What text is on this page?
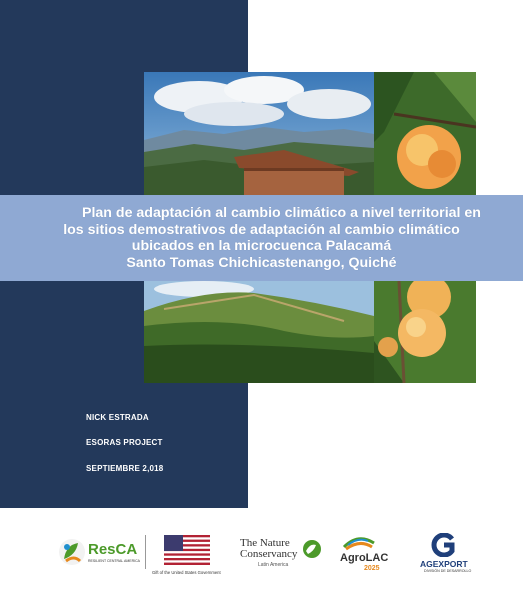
Plan de adaptación al cambio climático a nivel territorial en
los sitios demostrativos de adaptación al cambio climático
ubicados en la microcuenca Palacamá
Santo Tomas Chichicastenango, Quiché
NICK ESTRADA
ESORAS PROJECT
SEPTIEMBRE 2,018
ResCA
RESILIENT CENTRAL AMERICA
Gift of the United States Government
The Nature
Conservancy
Latin America
AgroLAC
2025	AGEXPORT
DIVISIÓN DE DESARROLLO
